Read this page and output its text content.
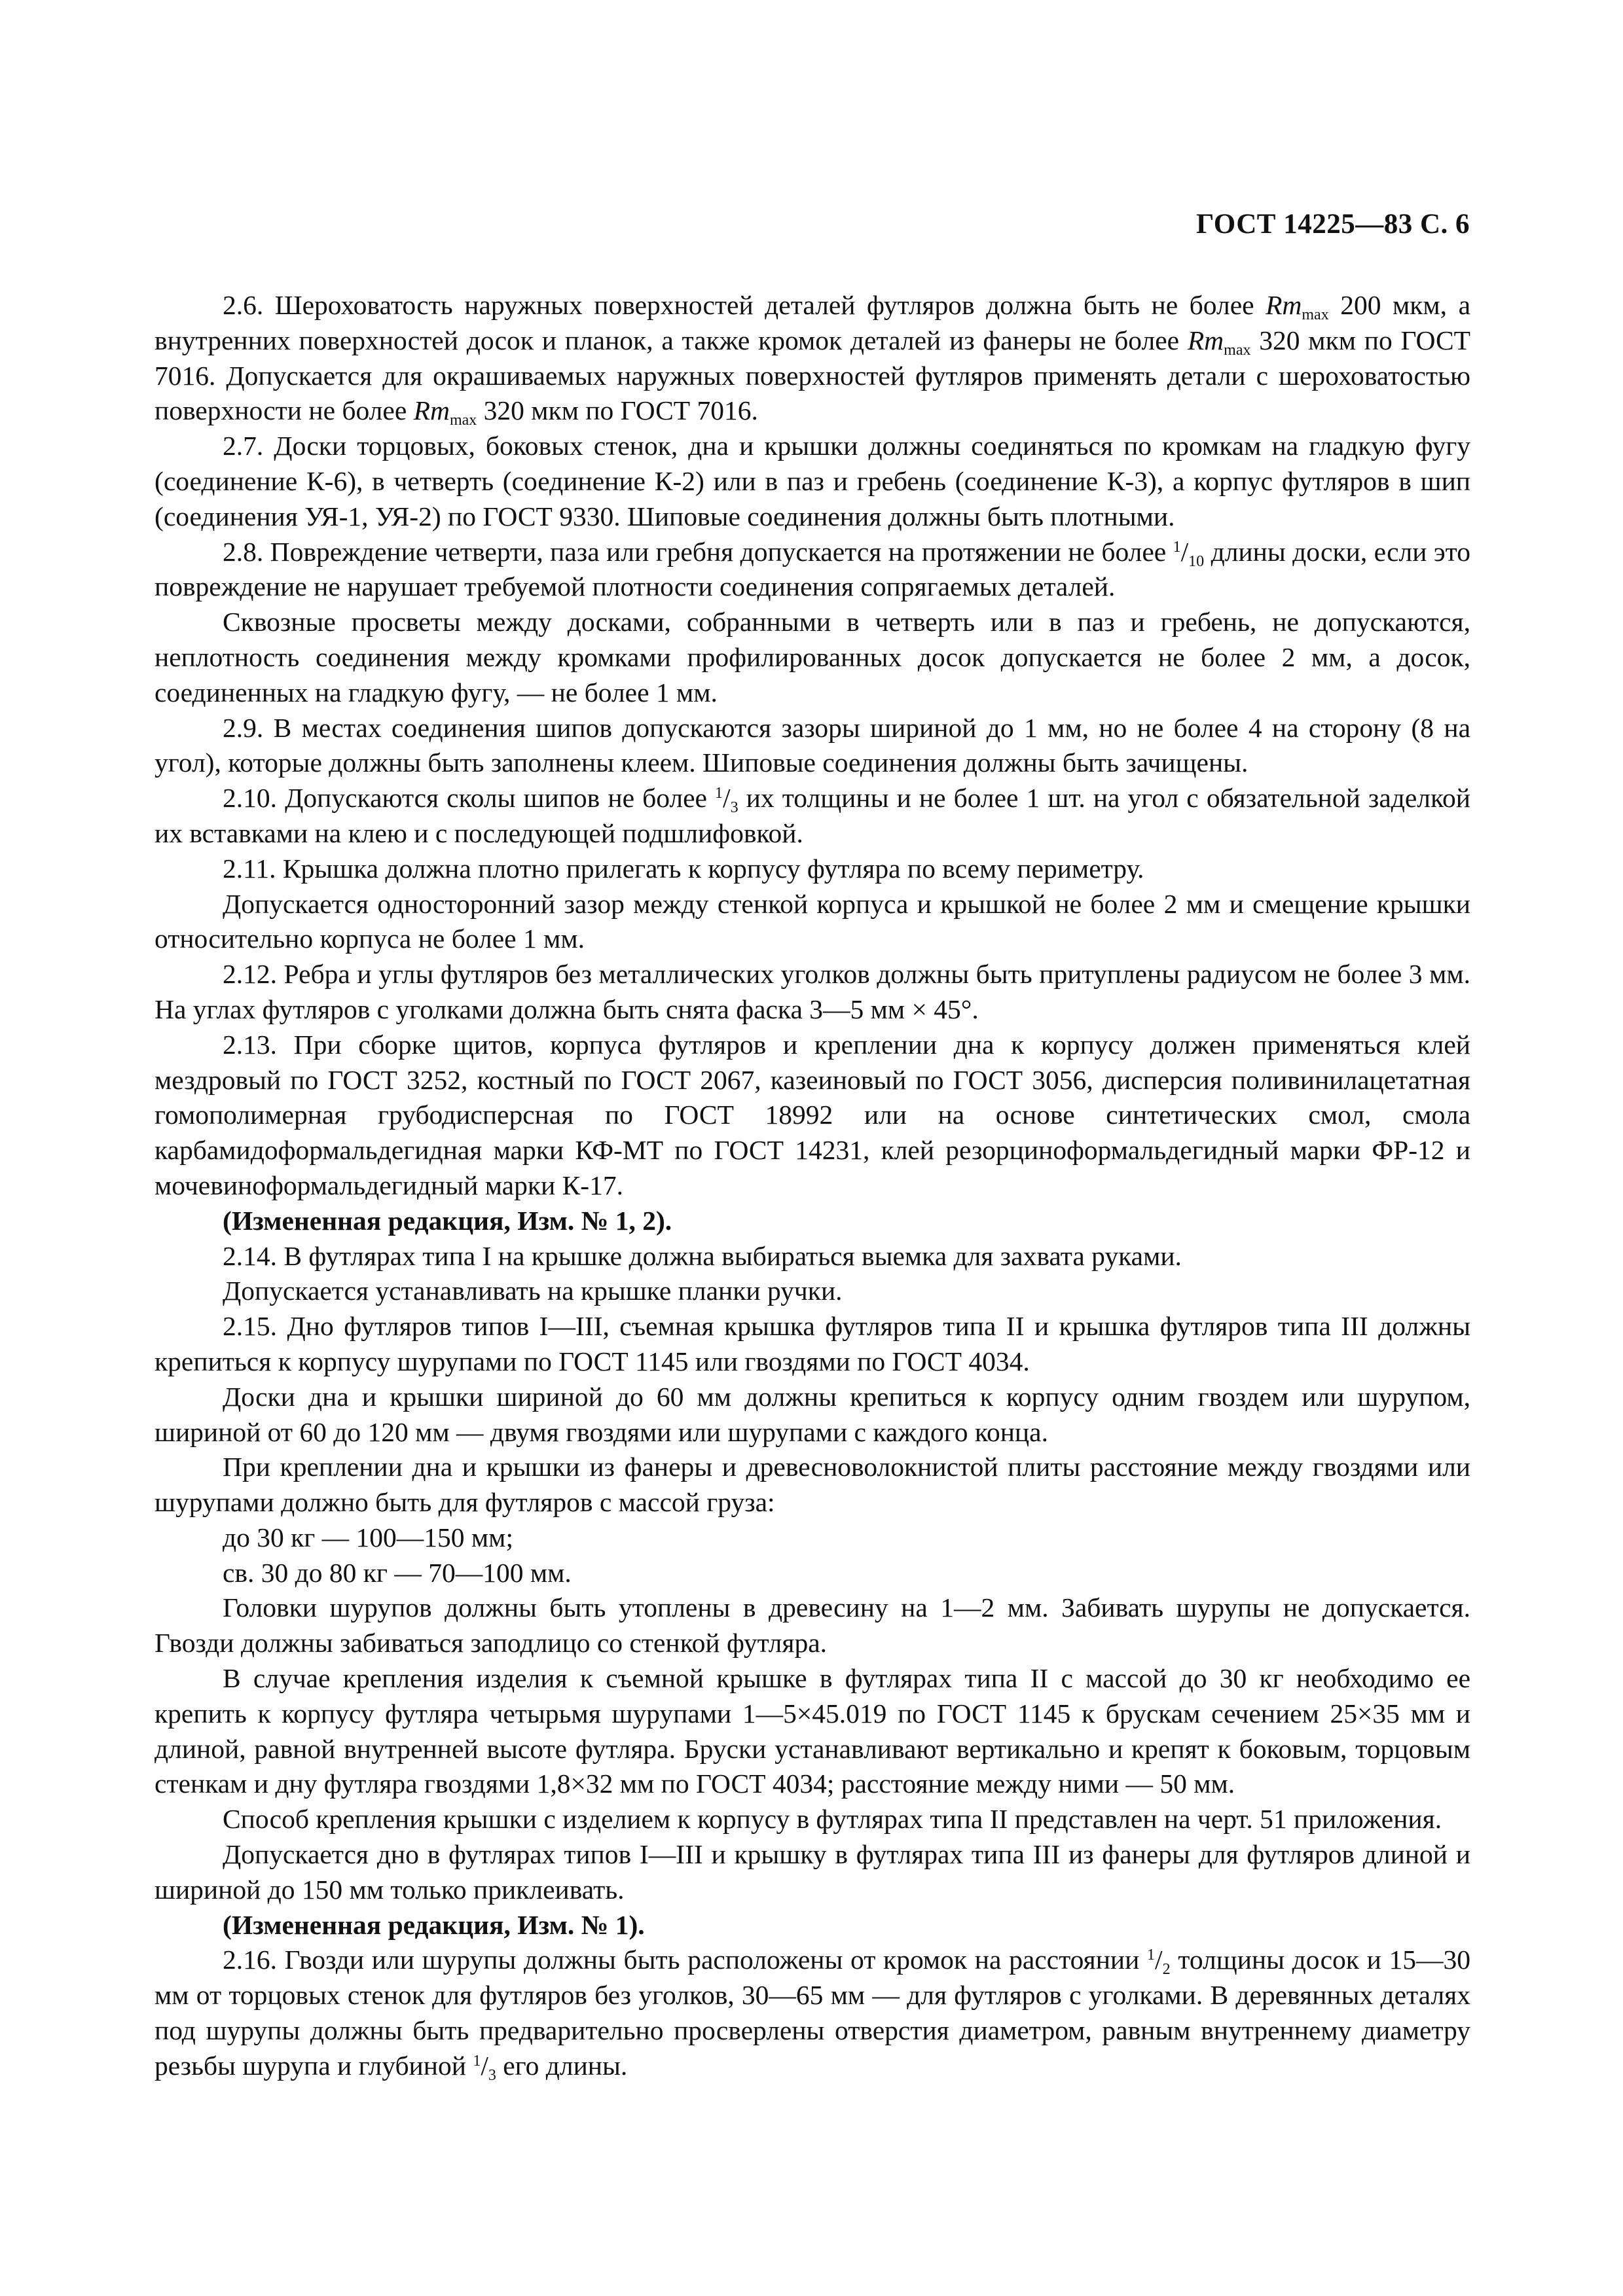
ГОСТ 14225—83 С. 6

2.6. Шероховатость наружных поверхностей деталей футляров должна быть не более $Rm_{max}$ 200 мкм, а внутренних поверхностей досок и планок, а также кромок деталей из фанеры не более $Rm_{max}$ 320 мкм по ГОСТ 7016. Допускается для окрашиваемых наружных поверхностей футляров применять детали с шероховатостью поверхности не более $Rm_{max}$ 320 мкм по ГОСТ 7016.

2.7. Доски торцовых, боковых стенок, дна и крышки должны соединяться по кромкам на гладкую фугу (соединение К-6), в четверть (соединение К-2) или в паз и гребень (соединение К-3), а корпус футляров в шип (соединения УЯ-1, УЯ-2) по ГОСТ 9330. Шиповые соединения должны быть плотными.

2.8. Повреждение четверти, паза или гребня допускается на протяжении не более $^1/_{10}$ длины доски, если это повреждение не нарушает требуемой плотности соединения сопрягаемых деталей.

Сквозные просветы между досками, собранными в четверть или в паз и гребень, не допускаются, неплотность соединения между кромками профилированных досок допускается не более 2 мм, а досок, соединенных на гладкую фугу, — не более 1 мм.

2.9. В местах соединения шипов допускаются зазоры шириной до 1 мм, но не более 4 на сторону (8 на угол), которые должны быть заполнены клеем. Шиповые соединения должны быть зачищены.

2.10. Допускаются сколы шипов не более $^1/_3$ их толщины и не более 1 шт. на угол с обязательной заделкой их вставками на клею и с последующей подшлифовкой.

2.11. Крышка должна плотно прилегать к корпусу футляра по всему периметру.

Допускается односторонний зазор между стенкой корпуса и крышкой не более 2 мм и смещение крышки относительно корпуса не более 1 мм.

2.12. Ребра и углы футляров без металлических уголков должны быть притуплены радиусом не более 3 мм. На углах футляров с уголками должна быть снята фаска 3—5 мм × 45°.

2.13. При сборке щитов, корпуса футляров и креплении дна к корпусу должен применяться клей мездровый по ГОСТ 3252, костный по ГОСТ 2067, казеиновый по ГОСТ 3056, дисперсия поливинилацетатная гомополимерная грубодисперсная по ГОСТ 18992 или на основе синтетических смол, смола карбамидоформальдегидная марки КФ-МТ по ГОСТ 14231, клей резорциноформальдегидный марки ФР-12 и мочевиноформальдегидный марки К-17.

(Измененная редакция, Изм. № 1, 2).

2.14. В футлярах типа I на крышке должна выбираться выемка для захвата руками.

Допускается устанавливать на крышке планки ручки.

2.15. Дно футляров типов I—III, съемная крышка футляров типа II и крышка футляров типа III должны крепиться к корпусу шурупами по ГОСТ 1145 или гвоздями по ГОСТ 4034.

Доски дна и крышки шириной до 60 мм должны крепиться к корпусу одним гвоздем или шурупом, шириной от 60 до 120 мм — двумя гвоздями или шурупами с каждого конца.

При креплении дна и крышки из фанеры и древесноволокнистой плиты расстояние между гвоздями или шурупами должно быть для футляров с массой груза:

до 30 кг — 100—150 мм;

св. 30 до 80 кг — 70—100 мм.

Головки шурупов должны быть утоплены в древесину на 1—2 мм. Забивать шурупы не допускается. Гвозди должны забиваться заподлицо со стенкой футляра.

В случае крепления изделия к съемной крышке в футлярах типа II с массой до 30 кг необходимо ее крепить к корпусу футляра четырьмя шурупами 1—5×45.019 по ГОСТ 1145 к брускам сечением 25×35 мм и длиной, равной внутренней высоте футляра. Бруски устанавливают вертикально и крепят к боковым, торцовым стенкам и дну футляра гвоздями 1,8×32 мм по ГОСТ 4034; расстояние между ними — 50 мм.

Способ крепления крышки с изделием к корпусу в футлярах типа II представлен на черт. 51 приложения.

Допускается дно в футлярах типов I—III и крышку в футлярах типа III из фанеры для футляров длиной и шириной до 150 мм только приклеивать.

(Измененная редакция, Изм. № 1).

2.16. Гвозди или шурупы должны быть расположены от кромок на расстоянии $^1/_2$ толщины досок и 15—30 мм от торцовых стенок для футляров без уголков, 30—65 мм — для футляров с уголками. В деревянных деталях под шурупы должны быть предварительно просверлены отверстия диаметром, равным внутреннему диаметру резьбы шурупа и глубиной $^1/_3$ его длины.
